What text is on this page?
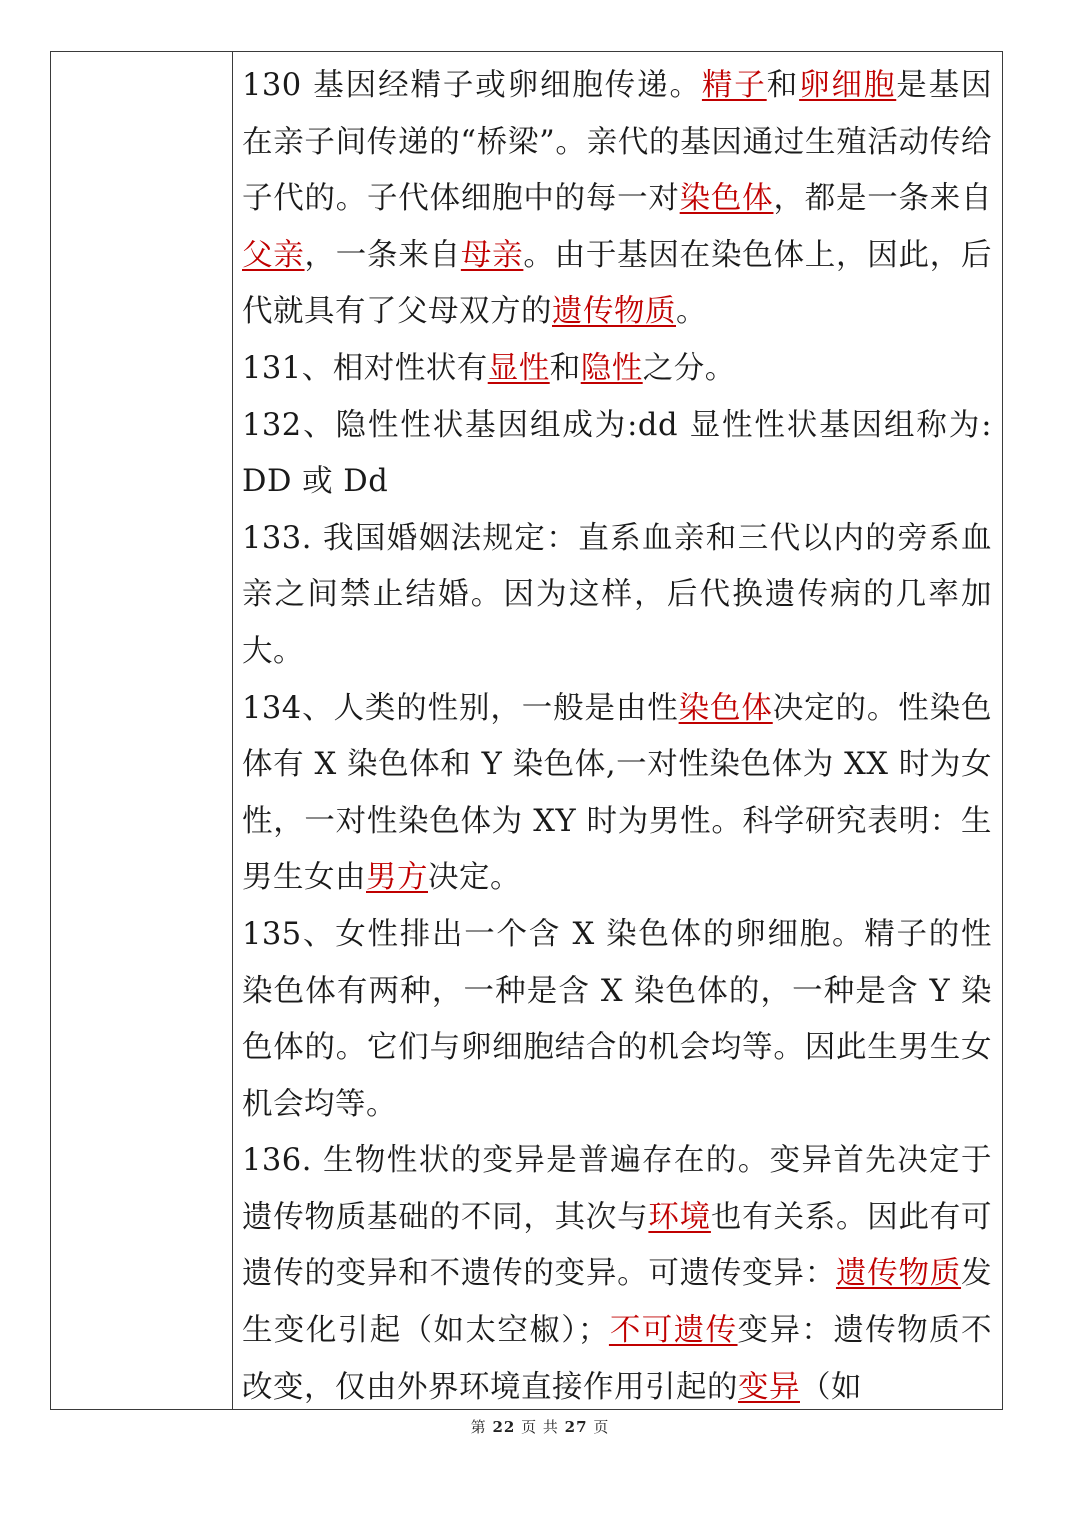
130 基因经精子或卵细胞传递。精子和卵细胞是基因在亲子间传递的“桥梁”。亲代的基因通过生殖活动传给子代的。子代体细胞中的每一对染色体，都是一条来自父亲，一条来自母亲。由于基因在染色体上，因此，后代就具有了父母双方的遗传物质。

131、相对性状有显性和隐性之分。

132、隐性性状基因组成为:dd 显性性状基因组称为: DD 或 Dd

133. 我国婚姻法规定：直系血亲和三代以内的旁系血亲之间禁止结婚。因为这样，后代换遗传病的几率加大。

134、人类的性别，一般是由性染色体决定的。性染色体有 X 染色体和 Y 染色体,一对性染色体为 XX 时为女性，一对性染色体为 XY 时为男性。科学研究表明：生男生女由男方决定。

135、女性排出一个含 X 染色体的卵细胞。精子的性染色体有两种，一种是含 X 染色体的，一种是含 Y 染色体的。它们与卵细胞结合的机会均等。因此生男生女机会均等。

136. 生物性状的变异是普遍存在的。变异首先决定于遗传物质基础的不同，其次与环境也有关系。因此有可遗传的变异和不遗传的变异。可遗传变异：遗传物质发生变化引起（如太空椒）；不可遗传变异：遗传物质不改变，仅由外界环境直接作用引起的变异（如

第 22 页 共 27 页
